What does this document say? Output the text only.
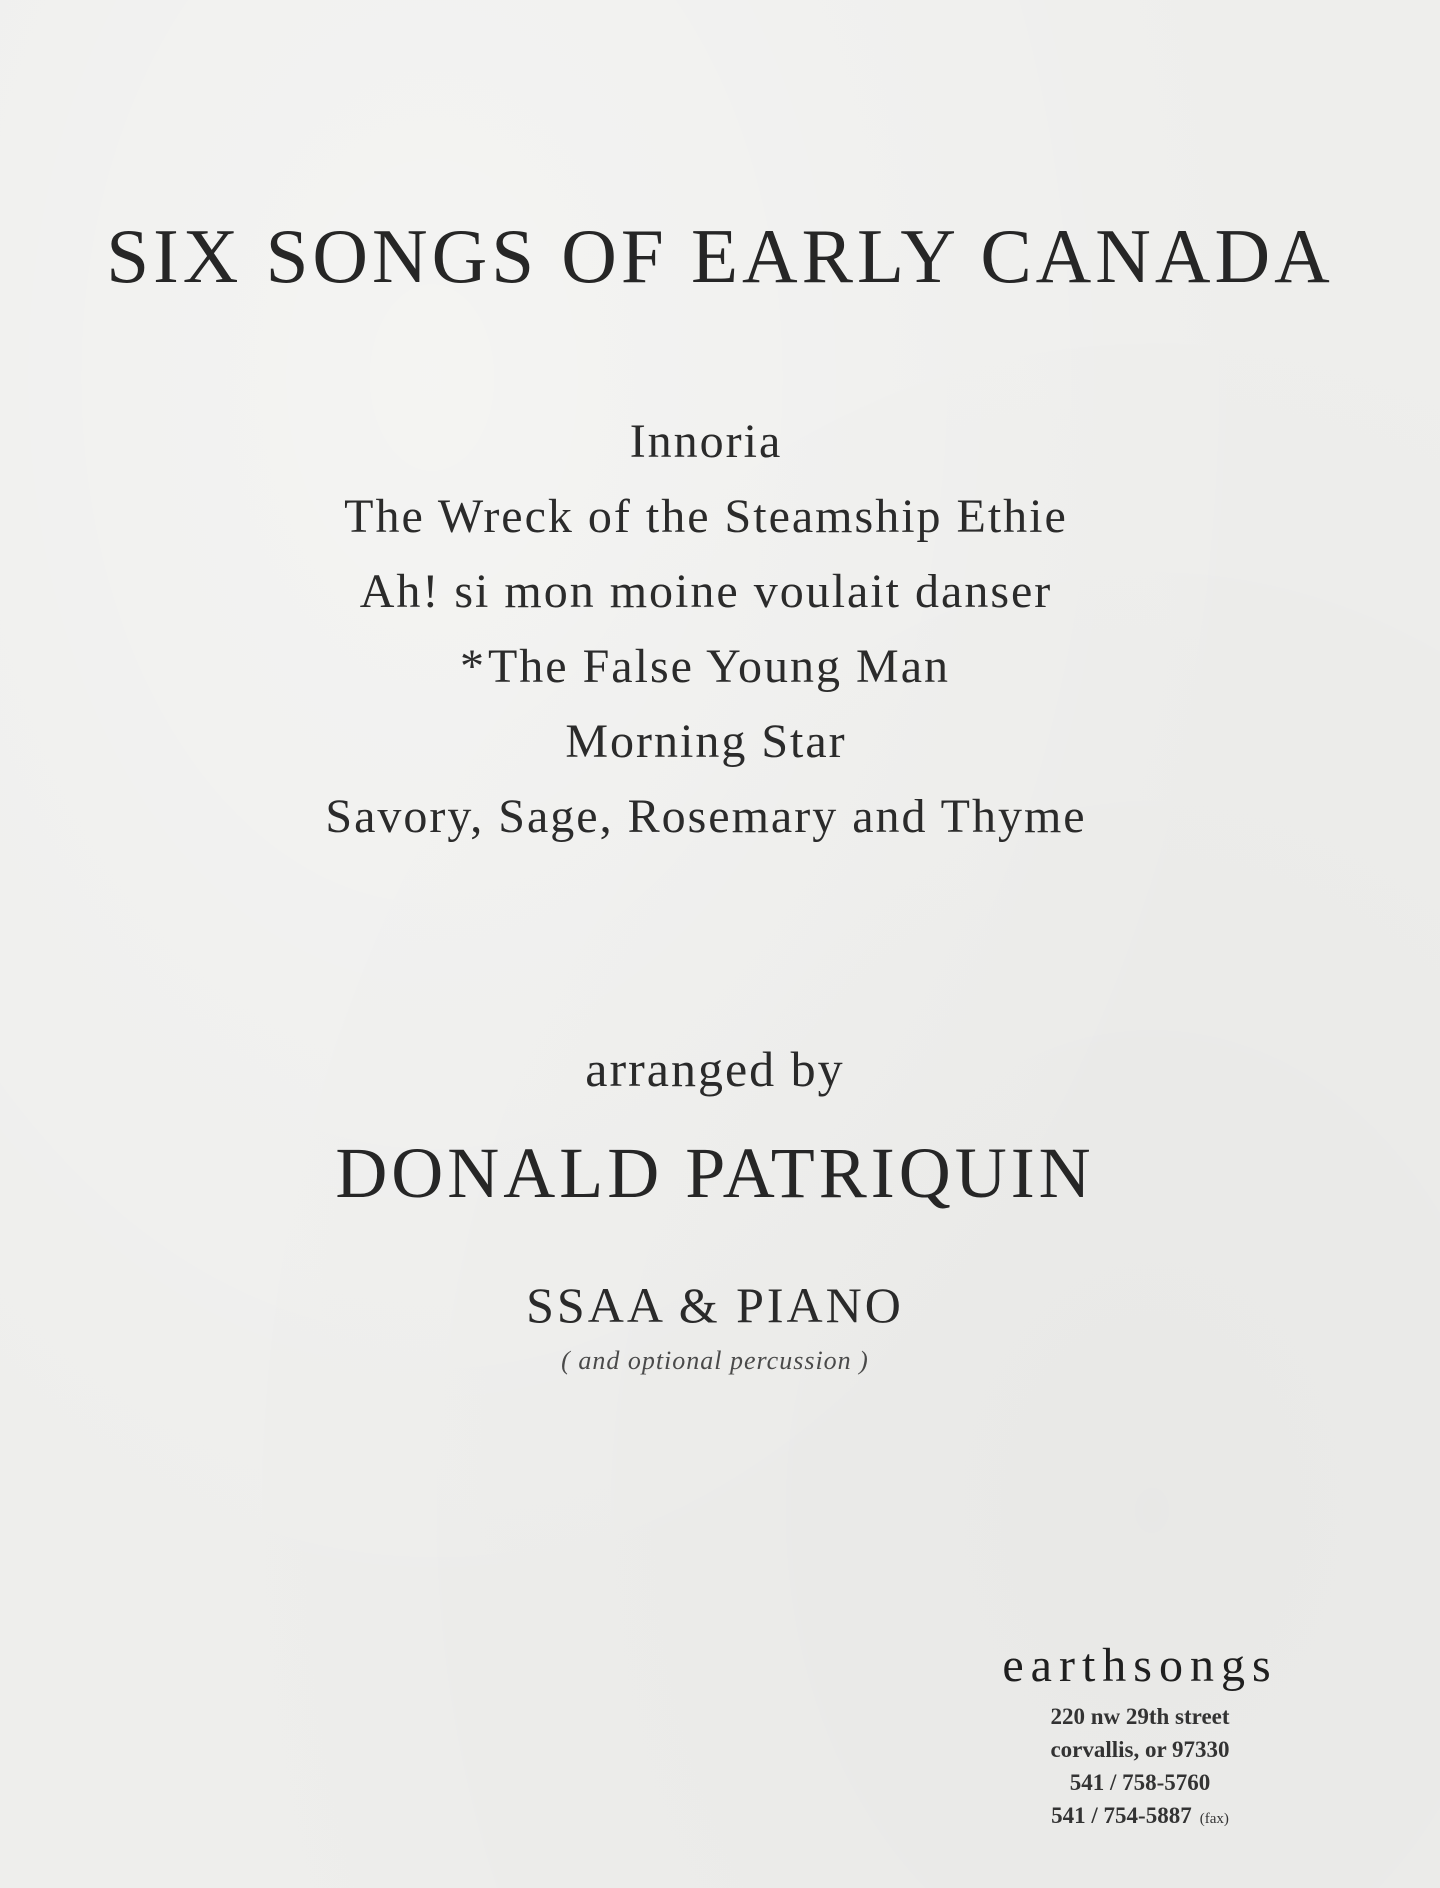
SIX SONGS OF EARLY CANADA
Innoria
The Wreck of the Steamship Ethie
Ah! si mon moine voulait danser
*The False Young Man
Morning Star
Savory, Sage, Rosemary and Thyme
arranged by
DONALD PATRIQUIN
SSAA & PIANO
( and optional percussion )
earthsongs
220 nw 29th street
corvallis, or 97330
541 / 758-5760
541 / 754-5887 (fax)
